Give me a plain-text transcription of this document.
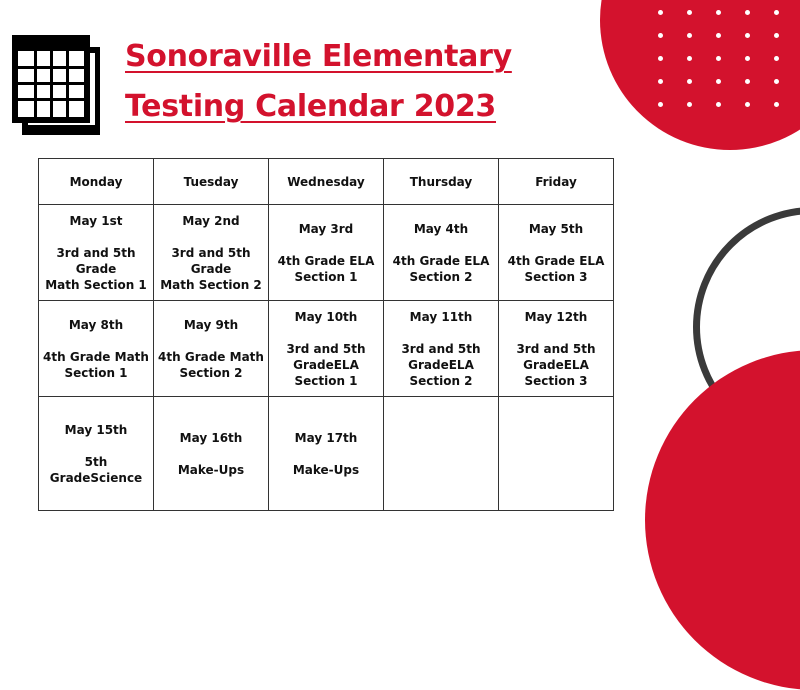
Sonoraville Elementary
Testing Calendar 2023
Monday	Tuesday	Wednesday	Thursday	Friday

May 1st
3rd and 5th
Grade
Math Section 1	May 2nd
3rd and 5th
Grade
Math Section 2	May 3rd
4th Grade ELA
Section 1	May 4th
4th Grade ELA
Section 2	May 5th
4th Grade ELA
Section 3

May 8th
4th Grade Math
Section 1	May 9th
4th Grade Math
Section 2	May 10th
3rd and 5th
GradeELA
Section 1	May 11th
3rd and 5th
GradeELA
Section 2	May 12th
3rd and 5th
GradeELA
Section 3

May 15th
5th
GradeScience	May 16th
Make-Ups	May 17th
Make-Ups		
